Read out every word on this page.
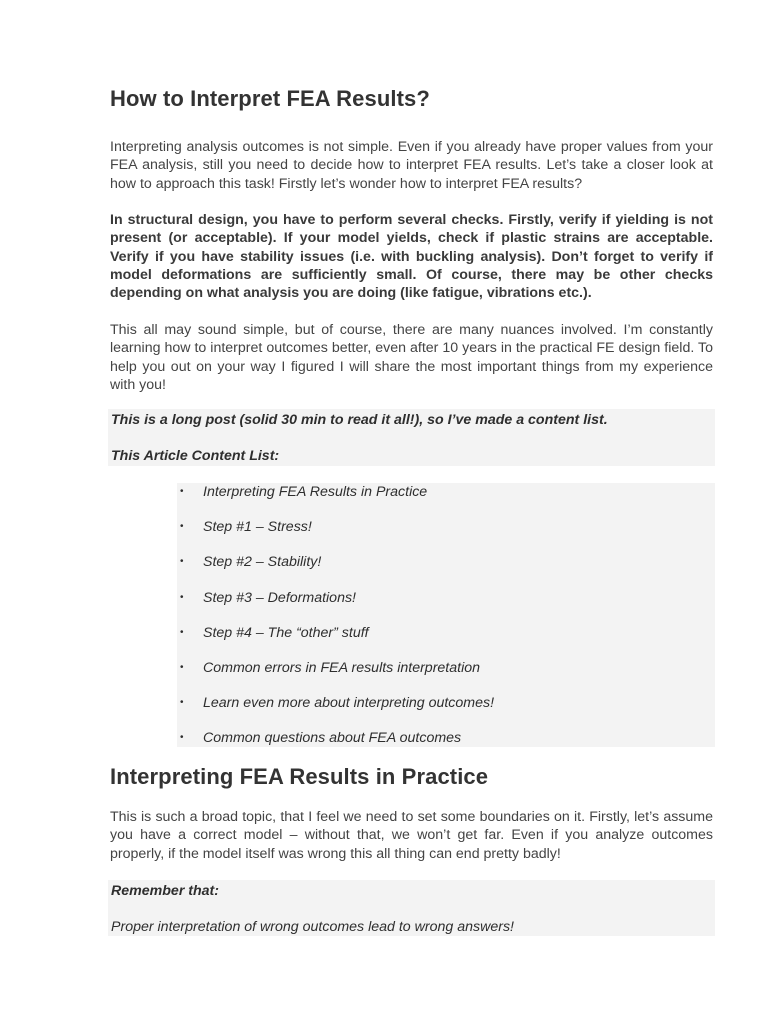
How to Interpret FEA Results?

Interpreting analysis outcomes is not simple. Even if you already have proper values from your FEA analysis, still you need to decide how to interpret FEA results. Let’s take a closer look at how to approach this task! Firstly let’s wonder how to interpret FEA results?

In structural design, you have to perform several checks. Firstly, verify if yielding is not present (or acceptable). If your model yields, check if plastic strains are acceptable. Verify if you have stability issues (i.e. with buckling analysis). Don’t forget to verify if model deformations are sufficiently small. Of course, there may be other checks depending on what analysis you are doing (like fatigue, vibrations etc.).

This all may sound simple, but of course, there are many nuances involved. I’m constantly learning how to interpret outcomes better, even after 10 years in the practical FE design field. To help you out on your way I figured I will share the most important things from my experience with you!

This is a long post (solid 30 min to read it all!), so I’ve made a content list.
This Article Content List:
• Interpreting FEA Results in Practice
• Step #1 – Stress!
• Step #2 – Stability!
• Step #3 – Deformations!
• Step #4 – The “other” stuff
• Common errors in FEA results interpretation
• Learn even more about interpreting outcomes!
• Common questions about FEA outcomes
Interpreting FEA Results in Practice

This is such a broad topic, that I feel we need to set some boundaries on it. Firstly, let’s assume you have a correct model – without that, we won’t get far. Even if you analyze outcomes properly, if the model itself was wrong this all thing can end pretty badly!

Remember that:
Proper interpretation of wrong outcomes lead to wrong answers!
